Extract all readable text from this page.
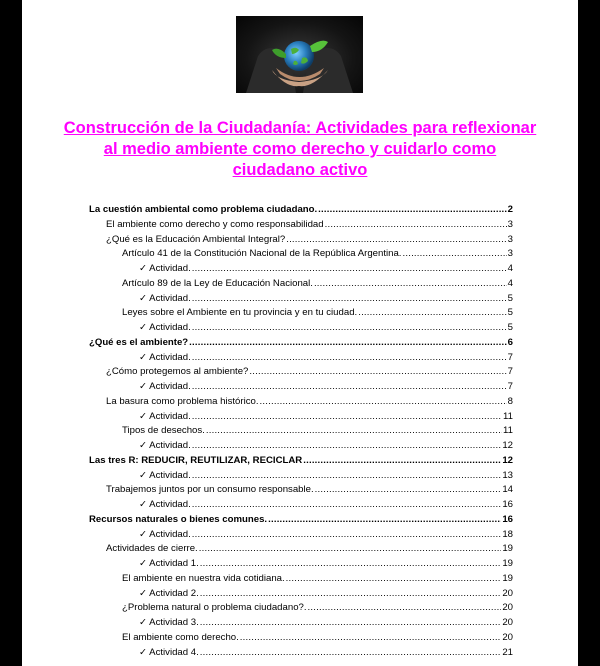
Construcción de la Ciudadanía: Actividades para reflexionar al medio ambiente como derecho y cuidarlo como ciudadano activo
La cuestión ambiental como problema ciudadano. .....	2
El ambiente como derecho y como responsabilidad .....	3
¿Qué es la Educación Ambiental Integral? .....	3
Artículo 41 de la Constitución Nacional de la República Argentina. .....	3
✓ Actividad. .....	4
Artículo 89 de la Ley de Educación Nacional. .....	4
✓ Actividad. .....	5
Leyes sobre el Ambiente en tu provincia y en tu ciudad. .....	5
✓ Actividad. .....	5
¿Qué es el ambiente? .....	6
✓ Actividad. .....	7
¿Cómo protegemos al ambiente? .....	7
✓ Actividad. .....	7
La basura como problema histórico. .....	8
✓ Actividad. .....	11
Tipos de desechos. .....	11
✓ Actividad. .....	12
Las tres R: REDUCIR, REUTILIZAR, RECICLAR .....	12
✓ Actividad. .....	13
Trabajemos juntos por un consumo responsable. .....	14
✓ Actividad. .....	16
Recursos naturales o bienes comunes. .....	16
✓ Actividad. .....	18
Actividades de cierre. .....	19
✓ Actividad 1. .....	19
El ambiente en nuestra vida cotidiana. .....	19
✓ Actividad 2. .....	20
¿Problema natural o problema ciudadano?. .....	20
✓ Actividad 3. .....	20
El ambiente como derecho. .....	20
✓ Actividad 4. .....	21
